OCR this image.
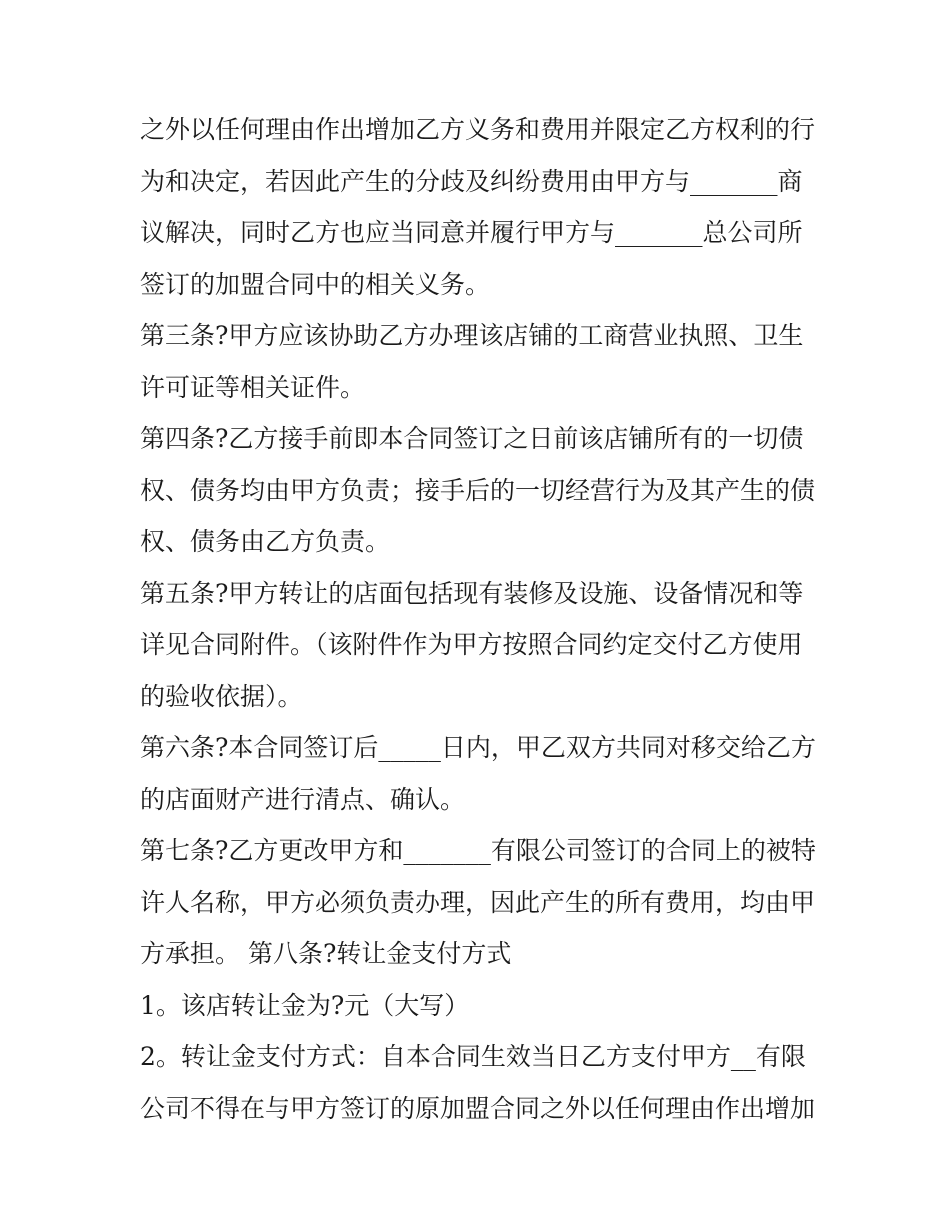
之外以任何理由作出增加乙方义务和费用并限定乙方权利的行
为和决定，若因此产生的分歧及纠纷费用由甲方与_______商
议解决，同时乙方也应当同意并履行甲方与_______总公司所
签订的加盟合同中的相关义务。
第三条?甲方应该协助乙方办理该店铺的工商营业执照、卫生
许可证等相关证件。
第四条?乙方接手前即本合同签订之日前该店铺所有的一切债
权、债务均由甲方负责；接手后的一切经营行为及其产生的债
权、债务由乙方负责。
第五条?甲方转让的店面包括现有装修及设施、设备情况和等
详见合同附件。（该附件作为甲方按照合同约定交付乙方使用
的验收依据）。
第六条?本合同签订后_____日内，甲乙双方共同对移交给乙方
的店面财产进行清点、确认。
第七条?乙方更改甲方和_______有限公司签订的合同上的被特
许人名称，甲方必须负责办理，因此产生的所有费用，均由甲
方承担。 第八条?转让金支付方式
1。该店转让金为?元（大写）
2。转让金支付方式：自本合同生效当日乙方支付甲方__有限
公司不得在与甲方签订的原加盟合同之外以任何理由作出增加
